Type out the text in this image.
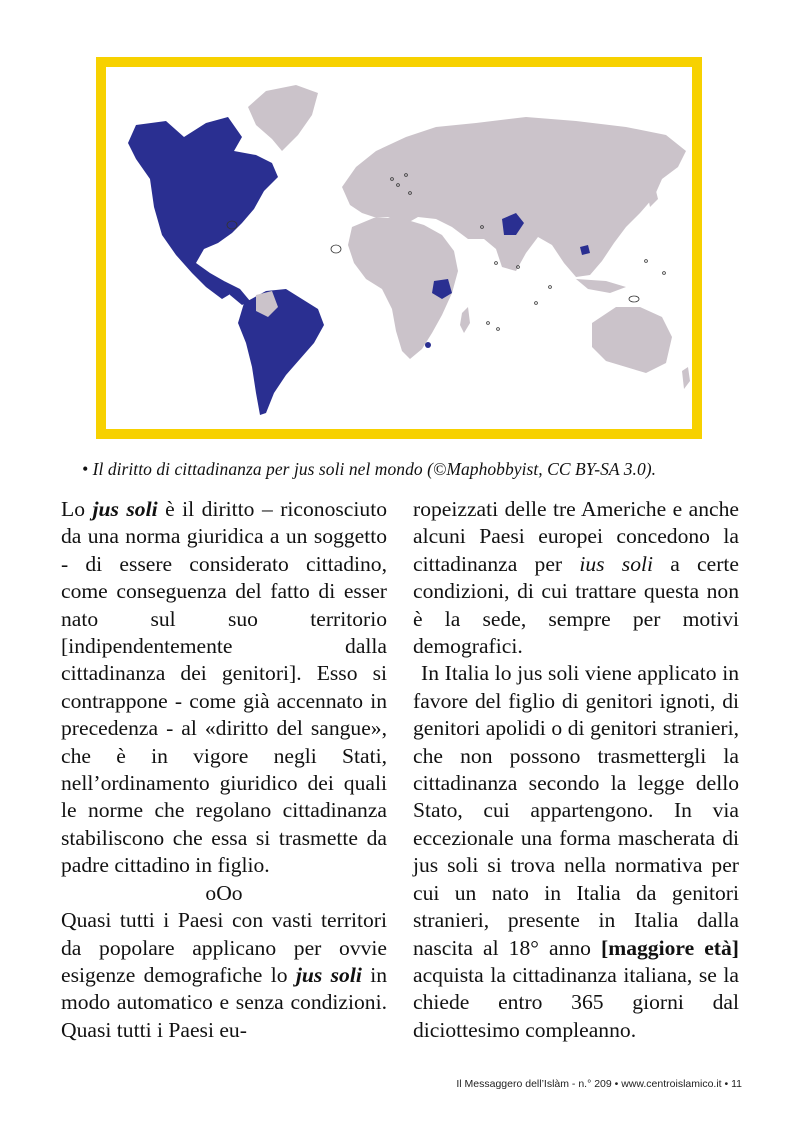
• Il diritto di cittadinanza per jus soli nel mondo (©Maphobbyist, CC BY-SA 3.0).

Lo jus soli è il diritto – riconosciuto da una norma giuridica a un soggetto - di essere considerato cittadino, come conseguenza del fatto di esser nato sul suo territorio [indipendentemente dalla cittadinanza dei genitori]. Esso si contrappone - come già accennato in precedenza - al «diritto del sangue», che è in vigore negli Stati, nell’ordinamento giuridico dei quali le norme che regolano cittadinanza stabiliscono che essa si trasmette da padre cittadino in figlio.

oOo

Quasi tutti i Paesi con vasti territori da popolare applicano per ovvie esigenze demografiche lo jus soli in modo automatico e senza condizioni. Quasi tutti i Paesi eu-

ropeizzati delle tre Americhe e anche alcuni Paesi europei concedono la cittadinanza per ius soli a certe condizioni, di cui trattare questa non è la sede, sempre per motivi demografici.

In Italia lo jus soli viene applicato in favore del figlio di genitori ignoti, di genitori apolidi o di genitori stranieri, che non possono trasmettergli la cittadinanza secondo la legge dello Stato, cui appartengono. In via eccezionale una forma mascherata di jus soli si trova nella normativa per cui un nato in Italia da genitori stranieri, presente in Italia dalla nascita al 18° anno [maggiore età] acquista la cittadinanza italiana, se la chiede entro 365 giorni dal diciottesimo compleanno.

Il Messaggero dell’Islàm - n.° 209 • www.centroislamico.it • 11
